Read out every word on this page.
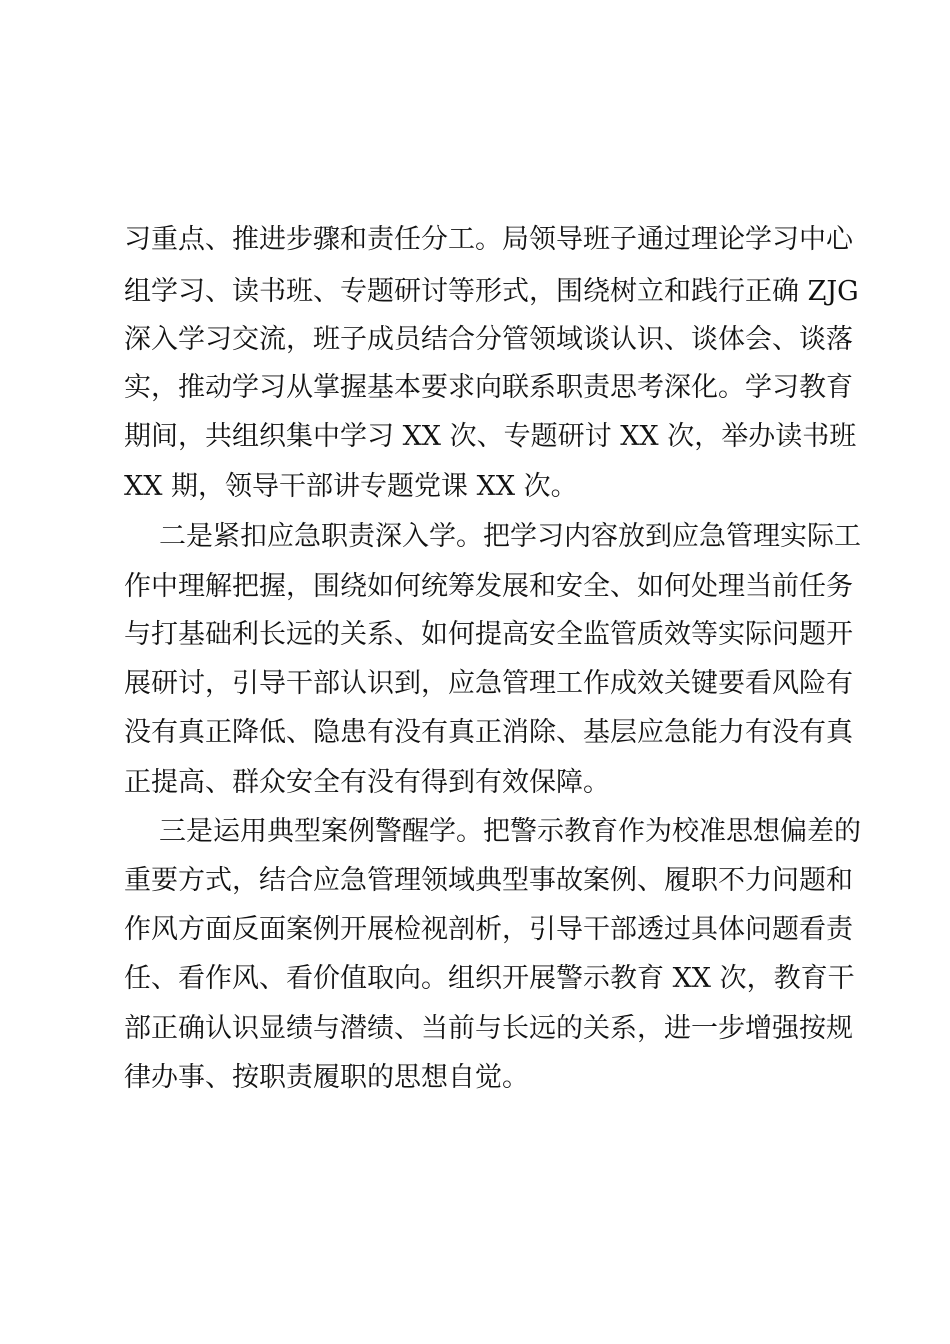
习重点、推进步骤和责任分工。局领导班子通过理论学习中心
组学习、读书班、专题研讨等形式，围绕树立和践行正确 ZJG
深入学习交流，班子成员结合分管领域谈认识、谈体会、谈落
实，推动学习从掌握基本要求向联系职责思考深化。学习教育
期间，共组织集中学习 XX 次、专题研讨 XX 次，举办读书班
XX 期，领导干部讲专题党课 XX 次。
二是紧扣应急职责深入学。把学习内容放到应急管理实际工
作中理解把握，围绕如何统筹发展和安全、如何处理当前任务
与打基础利长远的关系、如何提高安全监管质效等实际问题开
展研讨，引导干部认识到，应急管理工作成效关键要看风险有
没有真正降低、隐患有没有真正消除、基层应急能力有没有真
正提高、群众安全有没有得到有效保障。
三是运用典型案例警醒学。把警示教育作为校准思想偏差的
重要方式，结合应急管理领域典型事故案例、履职不力问题和
作风方面反面案例开展检视剖析，引导干部透过具体问题看责
任、看作风、看价值取向。组织开展警示教育 XX 次，教育干
部正确认识显绩与潜绩、当前与长远的关系，进一步增强按规
律办事、按职责履职的思想自觉。
